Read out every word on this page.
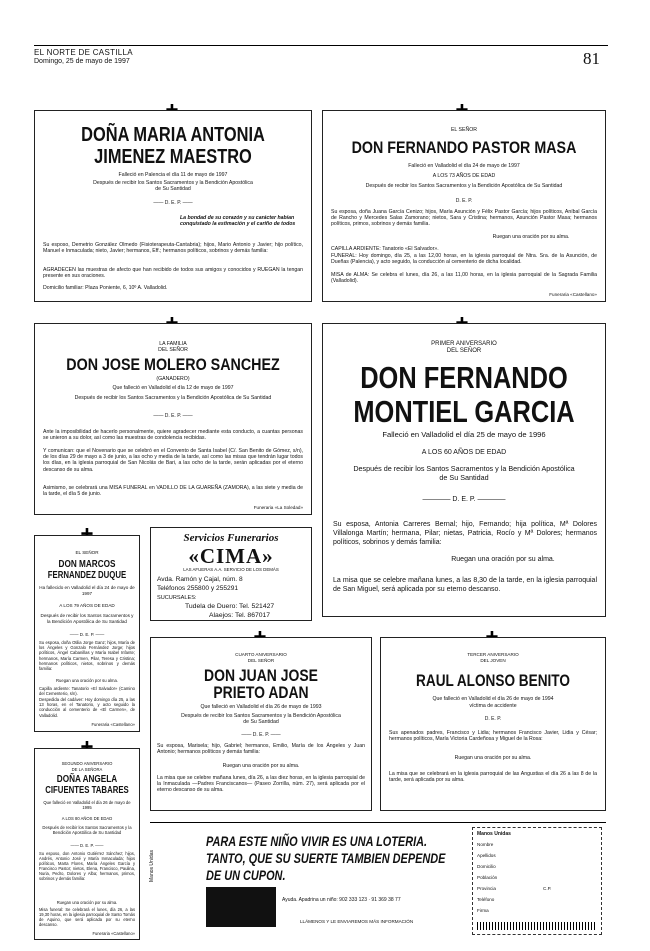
EL NORTE DE CASTILLA
Domingo, 25 de mayo de 1997	81
DOÑA MARIA ANTONIA
JIMENEZ MAESTRO
Falleció en Palencia el día 11 de mayo de 1997
Después de recibir los Santos Sacramentos y la Bendición Apostólica de Su Santidad
—— D. E. P. ——
La bondad de su corazón y su carácter habían conquistado la estimación y el cariño de todos
Su esposo, Demetrio González Olmedo (Fisioterapeuta-Cantabria); hijos, Mario Antonio y Javier; hijo político, Manuel e Inmaculada; nieto, Javier; hermanos, Eff.; hermanos políticos, sobrinos y demás familia:
AGRADECEN las muestras de afecto que han recibido de todos sus amigos y conocidos y RUEGAN la tengan presente en sus oraciones.
Domicilio familiar: Plaza Poniente, 6, 10º A. Valladolid.
EL SEÑOR
DON FERNANDO PASTOR MASA
Falleció en Valladolid el día 24 de mayo de 1997
A LOS 73 AÑOS DE EDAD
Después de recibir los Santos Sacramentos y la Bendición Apostólica de Su Santidad
D. E. P.
Su esposa, doña Juana García Cenizo; hijos, María Asunción y Félix Pastor García; hijos políticos, Aníbal García de Rancho y Mercedes Salas Zamorano; nietos, Sara y Cristina; hermanos, Asunción Pastor Masa; hermanos políticos, primos, sobrinos y demás familia.
Ruegan una oración por su alma.
CAPILLA ARDIENTE: Tanatorio «El Salvador».
FUNERAL: Hoy domingo, día 25, a las 12,00 horas, en la iglesia parroquial de Ntra. Sra. de la Asunción, de Dueñas (Palencia), y acto seguido, la conducción al cementerio de dicha localidad.
MISA de ALMA: Se celebra el lunes, día 26, a las 11,00 horas, en la iglesia parroquial de la Sagrada Familia (Valladolid).
Funeraria «Castellano»
LA FAMILIA
DEL SEÑOR
DON JOSE MOLERO SANCHEZ
(GANADERO)
Que falleció en Valladolid el día 12 de mayo de 1997
Después de recibir los Santos Sacramentos y la Bendición Apostólica de Su Santidad
—— D. E. P. ——
Ante la imposibilidad de hacerlo personalmente, quiere agradecer mediante esta conducto, a cuantas personas se unieron a su dolor, así como las muestras de condolencia recibidas.
Y comunican: que el Novenario que se celebró en el Convento de Santa Isabel (C/. San Benito de Gómez, s/n), de los días 29 de mayo a 3 de junio, a las ocho y media de la tarde, así como las misas que tendrán lugar todos los días, en la iglesia parroquial de San Nicolás de Bari, a las ocho de la tarde, serán aplicadas por el eterno descanso de su alma.
Asimismo, se celebrará una MISA FUNERAL en VADILLO DE LA GUAREÑA (ZAMORA), a las siete y media de la tarde, el día 5 de junio.
Funeraria «La Soledad»
PRIMER ANIVERSARIO
DEL SEÑOR
DON FERNANDO
MONTIEL GARCIA
Falleció en Valladolid el día 25 de mayo de 1996
A LOS 60 AÑOS DE EDAD
Después de recibir los Santos Sacramentos y la Bendición Apostólica de Su Santidad
———— D. E. P. ————
Su esposa, Antonia Carreres Bernal; hijo, Fernando; hija política, Mª Dolores Villalonga Martín; hermana, Pilar; nietas, Patricia, Rocío y Mª Dolores; hermanos políticos, sobrinos y demás familia:
Ruegan una oración por su alma.
La misa que se celebre mañana lunes, a las 8,30 de la tarde, en la iglesia parroquial de San Miguel, será aplicada por su eterno descanso.
EL SEÑOR
DON MARCOS
FERNANDEZ DUQUE
Ha fallecido en Valladolid el día 24 de mayo de 1997
A LOS 79 AÑOS DE EDAD
Después de recibir los Santos Sacramentos y la Bendición Apostólica de Su Santidad
—— D. E. P. ——
Su esposa, doña Otilia Jorge Ganz; hijos, María de los Ángeles y Gonzalo Fernández Jorge; hijos políticos, Ángel Cabanillas y María Isabel Infante; hermanos, María Carmen, Pilar, Teresa y Cristina; hermanos políticos, nietos, sobrinos y demás familia:
Ruegan una oración por su alma.
Capilla ardiente: Tanatorio «El Salvador» (Camino del Cementerio, s/n).
Despedida del cadáver: Hoy domingo día 25, a las 13 horas, en el Tanatorio, y acto seguido la conducción al cementerio de «El Carmen», de Valladolid.
Funeraria «Castellano»
Servicios Funerarios
«CIMA»
LAS AFUERAS A.A. SERVICIO DE LOS DEMÁS
Avda. Ramón y Cajal, núm. 8
Teléfonos 255800 y 255291
SUCURSALES:
Tudela de Duero: Tel. 521427
Alaejos: Tel. 867017
CUARTO ANIVERSARIO
DEL SEÑOR
DON JUAN JOSE
PRIETO ADAN
Que falleció en Valladolid el día 26 de mayo de 1993
Después de recibir los Santos Sacramentos y la Bendición Apostólica de Su Santidad
—— D. E. P. ——
Su esposa, Marisela; hijo, Gabriel; hermanos, Emilio, María de los Ángeles y Juan Antonio; hermanos políticos y demás familia:
Ruegan una oración por su alma.
La misa que se celebre mañana lunes, día 26, a las diez horas, en la iglesia parroquial de la Inmaculada —Padres Franciscanos— (Paseo Zorrilla, núm. 27), será aplicada por el eterno descanso de su alma.
TERCER ANIVERSARIO
DEL JOVEN
RAUL ALONSO BENITO
Que falleció en Valladolid el día 26 de mayo de 1994
víctima de accidente
D. E. P.
Sus apenados padres, Francisco y Lidia; hermanos Francisco Javier, Lidia y César; hermanos políticos, María Victoria Cardeñosa y Miguel de la Rosa:
Ruegan una oración por su alma.
La misa que se celebrará en la iglesia parroquial de las Angustias el día 26 a las 8 de la tarde, será aplicada por su alma.
SEGUNDO ANIVERSARIO
DE LA SEÑORA
DOÑA ANGELA
CIFUENTES TABARES
Que falleció en Valladolid el día 26 de mayo de 1995
A LOS 80 AÑOS DE EDAD
Después de recibir los Santos Sacramentos y la Bendición Apostólica de Su Santidad
—— D. E. P. ——
Su esposo, don Antonio Gutiérrez Sánchez; hijos, Andrés, Antonio José y María Inmaculada; hijos políticos, Marta Flores, María Ángeles García y Francisco Pastor; nietos, Elena, Francisco, Paulina, Nuria, Pedro, Dolores y Alba; hermanos, primos, sobrinos y demás familia:
Ruegan una oración por su alma.
Misa funeral: Se celebrará el lunes, día 26, a las 19,30 horas, en la iglesia parroquial de Santo Tomás de Aquino, que será aplicada por su eterno descanso.
Funeraria «Castellano»
Manos Unidas
PARA ESTE NIÑO VIVIR ES UNA LOTERIA.
TANTO, QUE SU SUERTE TAMBIEN DEPENDE
DE UN CUPON.
Ayuda. Apadrina un niño: 902 333 123 · 91 369 38 77
LLÁMENOS Y LE ENVIAREMOS MÁS INFORMACIÓN
Manos Unidas
Nombre
Apellidos
Domicilio
Población
Provincia	C.P.
Teléfono
Firma
